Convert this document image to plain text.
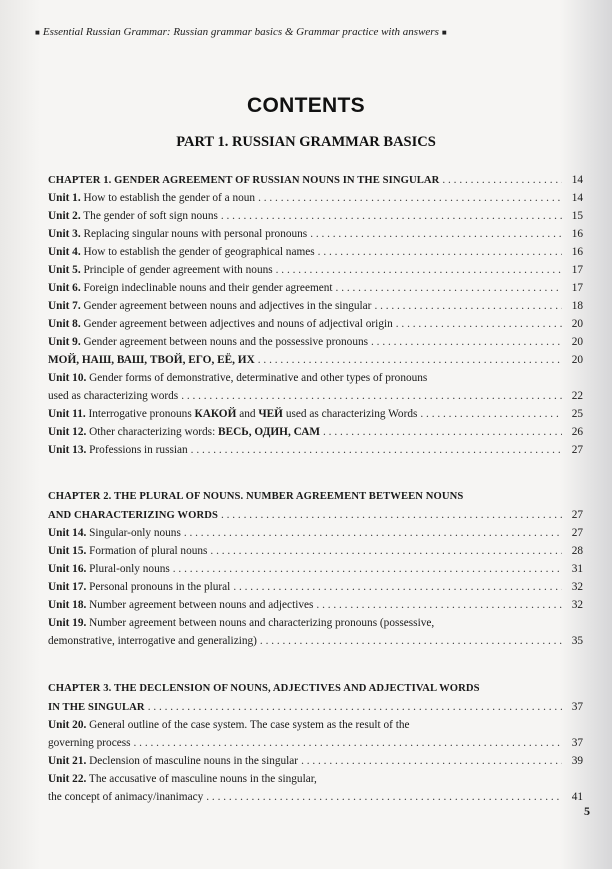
■ Essential Russian Grammar: Russian grammar basics & Grammar practice with answers ■
CONTENTS
PART 1. RUSSIAN GRAMMAR BASICS
CHAPTER 1. GENDER AGREEMENT OF RUSSIAN NOUNS IN THE SINGULAR . . .	14
Unit 1. How to establish the gender of a noun . . .	14
Unit 2. The gender of soft sign nouns . . .	15
Unit 3. Replacing singular nouns with personal pronouns . . .	16
Unit 4. How to establish the gender of geographical names . . .	16
Unit 5. Principle of gender agreement with nouns . . .	17
Unit 6. Foreign indeclinable nouns and their gender agreement . . .	17
Unit 7. Gender agreement between nouns and adjectives in the singular . . .	18
Unit 8. Gender agreement between adjectives and nouns of adjectival origin . . .	20
Unit 9. Gender agreement between nouns and the possessive pronouns . . .	20
МОЙ, НАШ, ВАШ, ТВОЙ, ЕГО, ЕЁ, ИХ . . .	20
Unit 10. Gender forms of demonstrative, determinative and other types of pronouns
used as characterizing words . . .	22
Unit 11. Interrogative pronouns КАКОЙ and ЧЕЙ used as characterizing Words . . .	25
Unit 12. Other characterizing words: ВЕСЬ, ОДИН, САМ . . .	26
Unit 13. Professions in russian . . .	27
CHAPTER 2. THE PLURAL OF NOUNS. NUMBER AGREEMENT BETWEEN NOUNS
AND CHARACTERIZING WORDS . . .	27
Unit 14. Singular-only nouns . . .	27
Unit 15. Formation of plural nouns . . .	28
Unit 16. Plural-only nouns . . .	31
Unit 17. Personal pronouns in the plural . . .	32
Unit 18. Number agreement between nouns and adjectives . . .	32
Unit 19. Number agreement between nouns and characterizing pronouns (possessive,
demonstrative, interrogative and generalizing) . . .	35
CHAPTER 3. THE DECLENSION OF NOUNS, ADJECTIVES AND ADJECTIVAL WORDS
IN THE SINGULAR . . .	37
Unit 20. General outline of the case system. The case system as the result of the
governing process . . .	37
Unit 21. Declension of masculine nouns in the singular . . .	39
Unit 22. The accusative of masculine nouns in the singular,
the concept of animacy/inanimacy . . .	41
5
